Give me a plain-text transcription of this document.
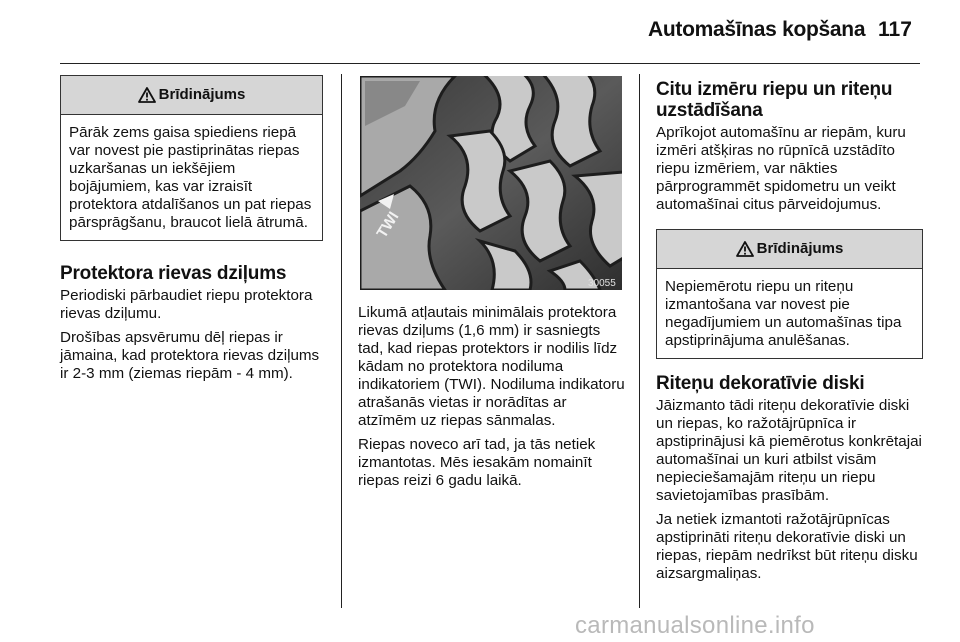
Automašīnas kopšana 117
Brīdinājums
Pārāk zems gaisa spiediens riepā var novest pie pastiprinātas riepas uzkaršanas un iekšējiem bojājumiem, kas var izraisīt protektora atdalīšanos un pat riepas pārsprāgšanu, braucot lielā ātrumā.
Protektora rievas dziļums

Periodiski pārbaudiet riepu protektora rievas dziļumu.

Drošības apsvērumu dēļ riepas ir jāmaina, kad protektora rievas dziļums ir 2-3 mm (ziemas riepām - 4 mm).

TWI
30055

Likumā atļautais minimālais protektora rievas dziļums (1,6 mm) ir sasniegts tad, kad riepas protektors ir nodilis līdz kādam no protektora nodiluma indikatoriem (TWI). Nodiluma indikatoru atrašanās vietas ir norādītas ar atzīmēm uz riepas sānmalas.

Riepas noveco arī tad, ja tās netiek izmantotas. Mēs iesakām nomainīt riepas reizi 6 gadu laikā.

Citu izmēru riepu un riteņu uzstādīšana

Aprīkojot automašīnu ar riepām, kuru izmēri atšķiras no rūpnīcā uzstādīto riepu izmēriem, var nākties pārprogrammēt spidometru un veikt automašīnai citus pārveidojumus.

Brīdinājums
Nepiemērotu riepu un riteņu izmantošana var novest pie negadījumiem un automašīnas tipa apstiprinājuma anulēšanas.
Riteņu dekoratīvie diski

Jāizmanto tādi riteņu dekoratīvie diski un riepas, ko ražotājrūpnīca ir apstiprinājusi kā piemērotus konkrētajai automašīnai un kuri atbilst visām nepieciešamajām riteņu un riepu savietojamības prasībām.

Ja netiek izmantoti ražotājrūpnīcas apstiprināti riteņu dekoratīvie diski un riepas, riepām nedrīkst būt riteņu disku aizsargmaliņas.

carmanualsonline.info
